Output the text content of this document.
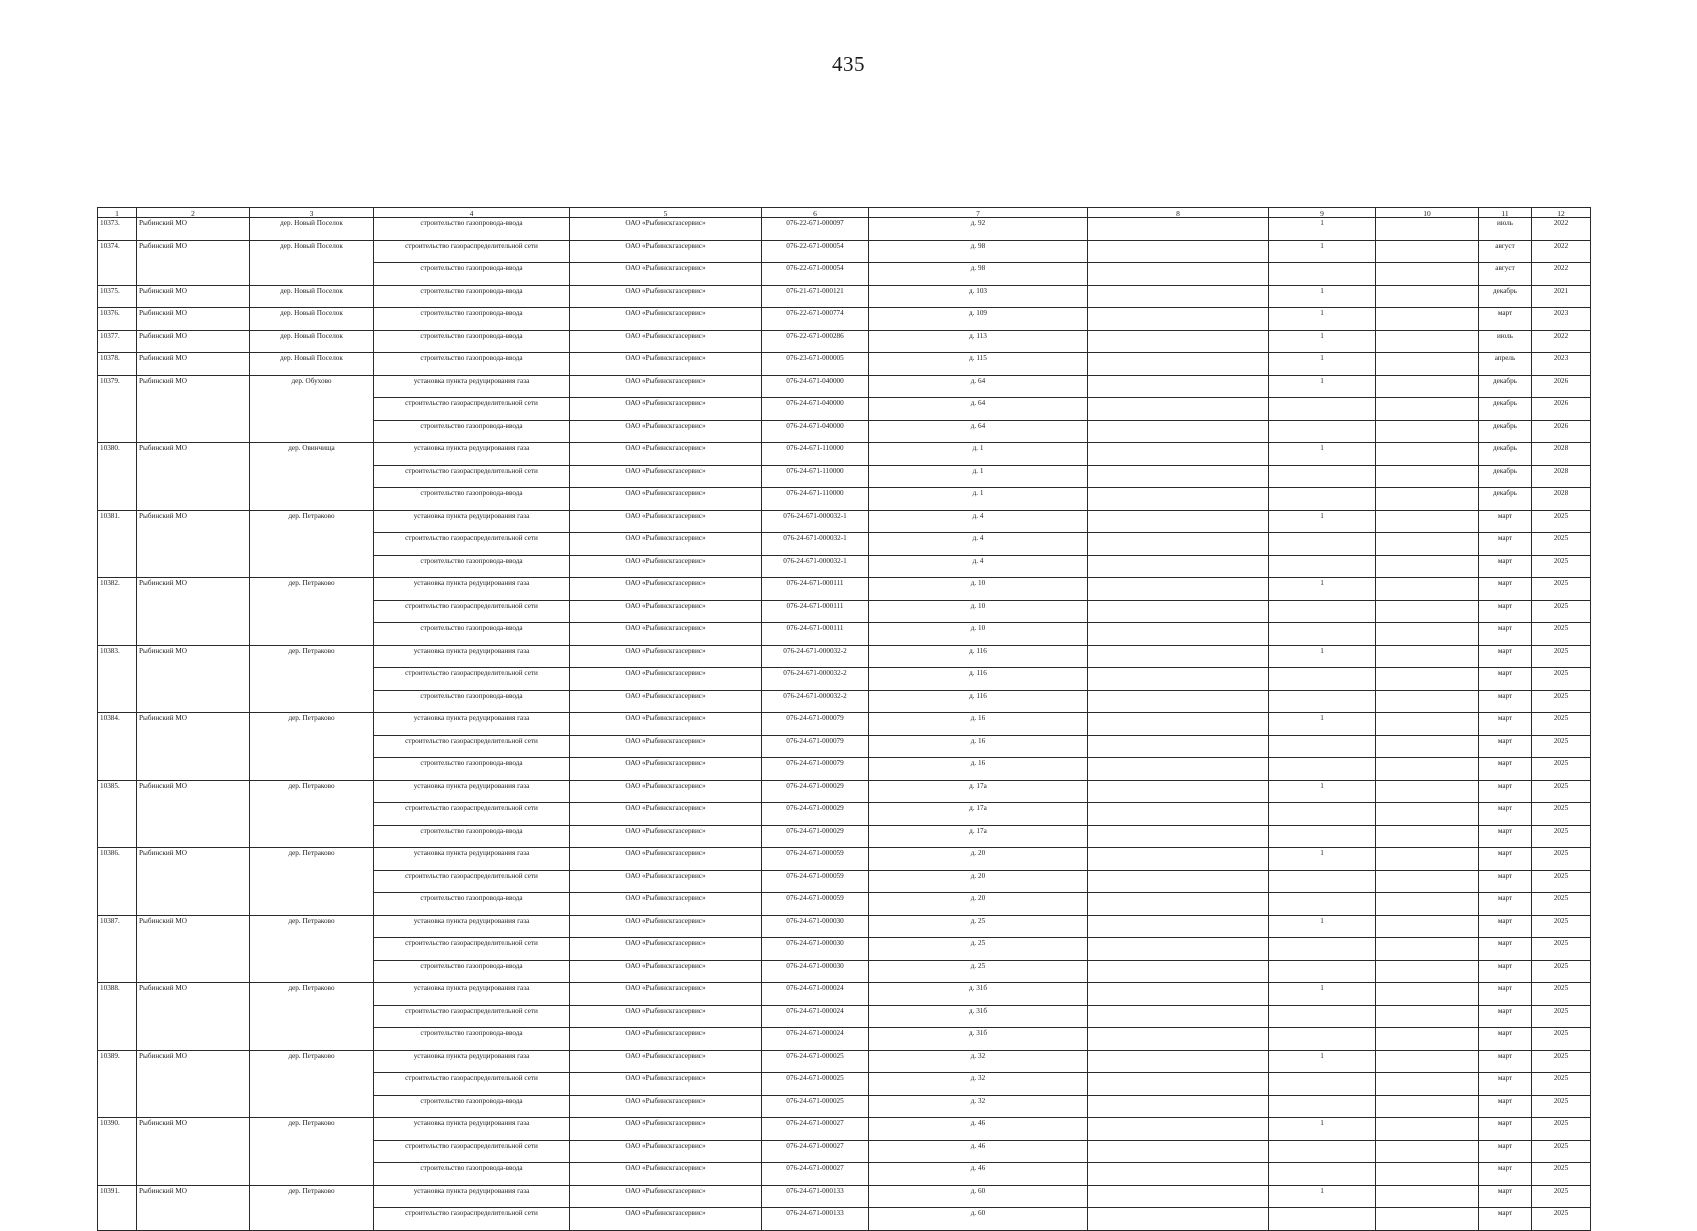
435
1	2	3	4	5	6	7	8	9	10	11	12
10373.	Рыбинский МО	дер. Новый Поселок	строительство газопровода-ввода	ОАО «Рыбинскгазсервис»	076-22-671-000097	д. 92		1		июль	2022
10374.	Рыбинский МО	дер. Новый Поселок	строительство газораспределительной сети	ОАО «Рыбинскгазсервис»	076-22-671-000054	д. 98		1		август	2022
			строительство газопровода-ввода	ОАО «Рыбинскгазсервис»	076-22-671-000054	д. 98				август	2022
10375.	Рыбинский МО	дер. Новый Поселок	строительство газопровода-ввода	ОАО «Рыбинскгазсервис»	076-21-671-000121	д. 103		1		декабрь	2021
10376.	Рыбинский МО	дер. Новый Поселок	строительство газопровода-ввода	ОАО «Рыбинскгазсервис»	076-22-671-000774	д. 109		1		март	2023
10377.	Рыбинский МО	дер. Новый Поселок	строительство газопровода-ввода	ОАО «Рыбинскгазсервис»	076-22-671-000286	д. 113		1		июль	2022
10378.	Рыбинский МО	дер. Новый Поселок	строительство газопровода-ввода	ОАО «Рыбинскгазсервис»	076-23-671-000005	д. 115		1		апрель	2023
10379.	Рыбинский МО	дер. Обухово	установка пункта редуцирования газа	ОАО «Рыбинскгазсервис»	076-24-671-040000	д. 64		1		декабрь	2026
			строительство газораспределительной сети	ОАО «Рыбинскгазсервис»	076-24-671-040000	д. 64				декабрь	2026
			строительство газопровода-ввода	ОАО «Рыбинскгазсервис»	076-24-671-040000	д. 64				декабрь	2026
10380.	Рыбинский МО	дер. Овинчища	установка пункта редуцирования газа	ОАО «Рыбинскгазсервис»	076-24-671-110000	д. 1		1		декабрь	2028
			строительство газораспределительной сети	ОАО «Рыбинскгазсервис»	076-24-671-110000	д. 1				декабрь	2028
			строительство газопровода-ввода	ОАО «Рыбинскгазсервис»	076-24-671-110000	д. 1				декабрь	2028
10381.	Рыбинский МО	дер. Петраково	установка пункта редуцирования газа	ОАО «Рыбинскгазсервис»	076-24-671-000032-1	д. 4		1		март	2025
			строительство газораспределительной сети	ОАО «Рыбинскгазсервис»	076-24-671-000032-1	д. 4				март	2025
			строительство газопровода-ввода	ОАО «Рыбинскгазсервис»	076-24-671-000032-1	д. 4				март	2025
10382.	Рыбинский МО	дер. Петраково	установка пункта редуцирования газа	ОАО «Рыбинскгазсервис»	076-24-671-000111	д. 10		1		март	2025
			строительство газораспределительной сети	ОАО «Рыбинскгазсервис»	076-24-671-000111	д. 10				март	2025
			строительство газопровода-ввода	ОАО «Рыбинскгазсервис»	076-24-671-000111	д. 10				март	2025
10383.	Рыбинский МО	дер. Петраково	установка пункта редуцирования газа	ОАО «Рыбинскгазсервис»	076-24-671-000032-2	д. 116		1		март	2025
			строительство газораспределительной сети	ОАО «Рыбинскгазсервис»	076-24-671-000032-2	д. 116				март	2025
			строительство газопровода-ввода	ОАО «Рыбинскгазсервис»	076-24-671-000032-2	д. 116				март	2025
10384.	Рыбинский МО	дер. Петраково	установка пункта редуцирования газа	ОАО «Рыбинскгазсервис»	076-24-671-000079	д. 16		1		март	2025
			строительство газораспределительной сети	ОАО «Рыбинскгазсервис»	076-24-671-000079	д. 16				март	2025
			строительство газопровода-ввода	ОАО «Рыбинскгазсервис»	076-24-671-000079	д. 16				март	2025
10385.	Рыбинский МО	дер. Петраково	установка пункта редуцирования газа	ОАО «Рыбинскгазсервис»	076-24-671-000029	д. 17а		1		март	2025
			строительство газораспределительной сети	ОАО «Рыбинскгазсервис»	076-24-671-000029	д. 17а				март	2025
			строительство газопровода-ввода	ОАО «Рыбинскгазсервис»	076-24-671-000029	д. 17а				март	2025
10386.	Рыбинский МО	дер. Петраково	установка пункта редуцирования газа	ОАО «Рыбинскгазсервис»	076-24-671-000059	д. 20		1		март	2025
			строительство газораспределительной сети	ОАО «Рыбинскгазсервис»	076-24-671-000059	д. 20				март	2025
			строительство газопровода-ввода	ОАО «Рыбинскгазсервис»	076-24-671-000059	д. 20				март	2025
10387.	Рыбинский МО	дер. Петраково	установка пункта редуцирования газа	ОАО «Рыбинскгазсервис»	076-24-671-000030	д. 25		1		март	2025
			строительство газораспределительной сети	ОАО «Рыбинскгазсервис»	076-24-671-000030	д. 25				март	2025
			строительство газопровода-ввода	ОАО «Рыбинскгазсервис»	076-24-671-000030	д. 25				март	2025
10388.	Рыбинский МО	дер. Петраково	установка пункта редуцирования газа	ОАО «Рыбинскгазсервис»	076-24-671-000024	д. 31б		1		март	2025
			строительство газораспределительной сети	ОАО «Рыбинскгазсервис»	076-24-671-000024	д. 31б				март	2025
			строительство газопровода-ввода	ОАО «Рыбинскгазсервис»	076-24-671-000024	д. 31б				март	2025
10389.	Рыбинский МО	дер. Петраково	установка пункта редуцирования газа	ОАО «Рыбинскгазсервис»	076-24-671-000025	д. 32		1		март	2025
			строительство газораспределительной сети	ОАО «Рыбинскгазсервис»	076-24-671-000025	д. 32				март	2025
			строительство газопровода-ввода	ОАО «Рыбинскгазсервис»	076-24-671-000025	д. 32				март	2025
10390.	Рыбинский МО	дер. Петраково	установка пункта редуцирования газа	ОАО «Рыбинскгазсервис»	076-24-671-000027	д. 46		1		март	2025
			строительство газораспределительной сети	ОАО «Рыбинскгазсервис»	076-24-671-000027	д. 46				март	2025
			строительство газопровода-ввода	ОАО «Рыбинскгазсервис»	076-24-671-000027	д. 46				март	2025
10391.	Рыбинский МО	дер. Петраково	установка пункта редуцирования газа	ОАО «Рыбинскгазсервис»	076-24-671-000133	д. 60		1		март	2025
			строительство газораспределительной сети	ОАО «Рыбинскгазсервис»	076-24-671-000133	д. 60				март	2025
